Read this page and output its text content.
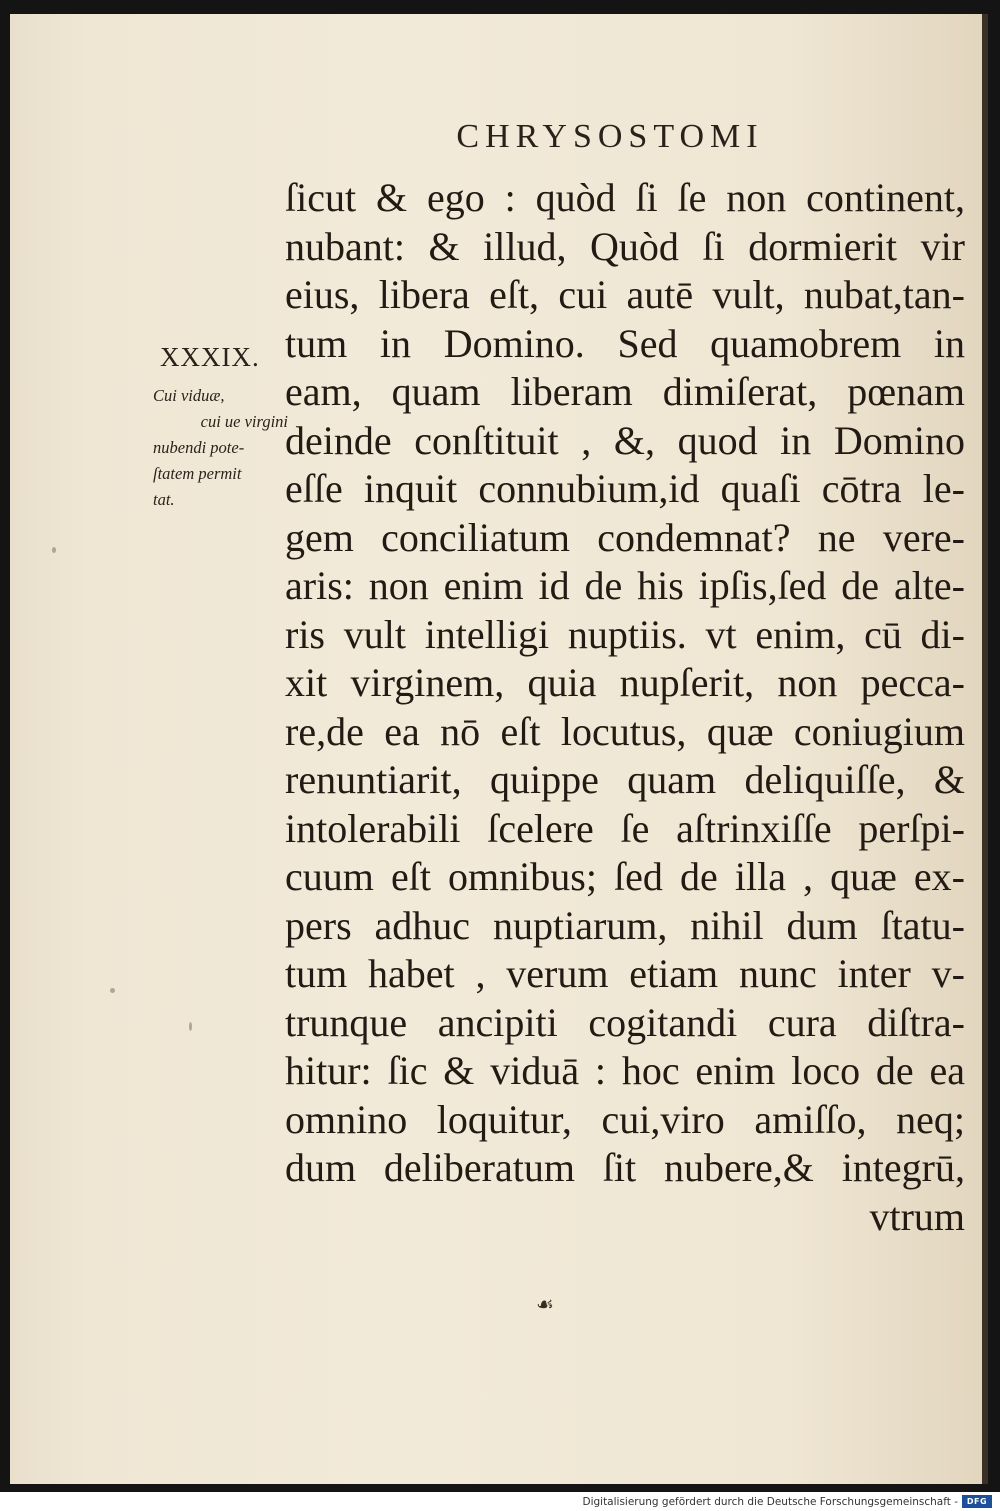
CHRYSOSTOMI
XXXIX.
Cui viduæ,
cui ue virgini
nubendi pote-
ſtatem permit
tat.
ſicut & ego : quòd ſi ſe non continent,
nubant: & illud, Quòd ſi dormierit vir
eius, libera eſt, cui autē vult, nubat,tan-
tum in Domino. Sed quamobrem in
eam, quam liberam dimiſerat, pœnam
deinde conſtituit , &, quod in Domino
eſſe inquit connubium,id quaſi cōtra le-
gem conciliatum condemnat? ne vere-
aris: non enim id de his ipſis,ſed de alte-
ris vult intelligi nuptiis. vt enim, cū di-
xit virginem, quia nupſerit, non pecca-
re,de ea nō eſt locutus, quæ coniugium
renuntiarit, quippe quam deliquiſſe, &
intolerabili ſcelere ſe aſtrinxiſſe perſpi-
cuum eſt omnibus; ſed de illa , quæ ex-
pers adhuc nuptiarum, nihil dum ſtatu-
tum habet , verum etiam nunc inter v-
trunque ancipiti cogitandi cura diſtra-
hitur: ſic & viduā : hoc enim loco de ea
omnino loquitur, cui,viro amiſſo, neq;
dum deliberatum ſit nubere,& integrū,
vtrum
☙
Digitalisierung gefördert durch die Deutsche Forschungsgemeinschaft -	DFG
